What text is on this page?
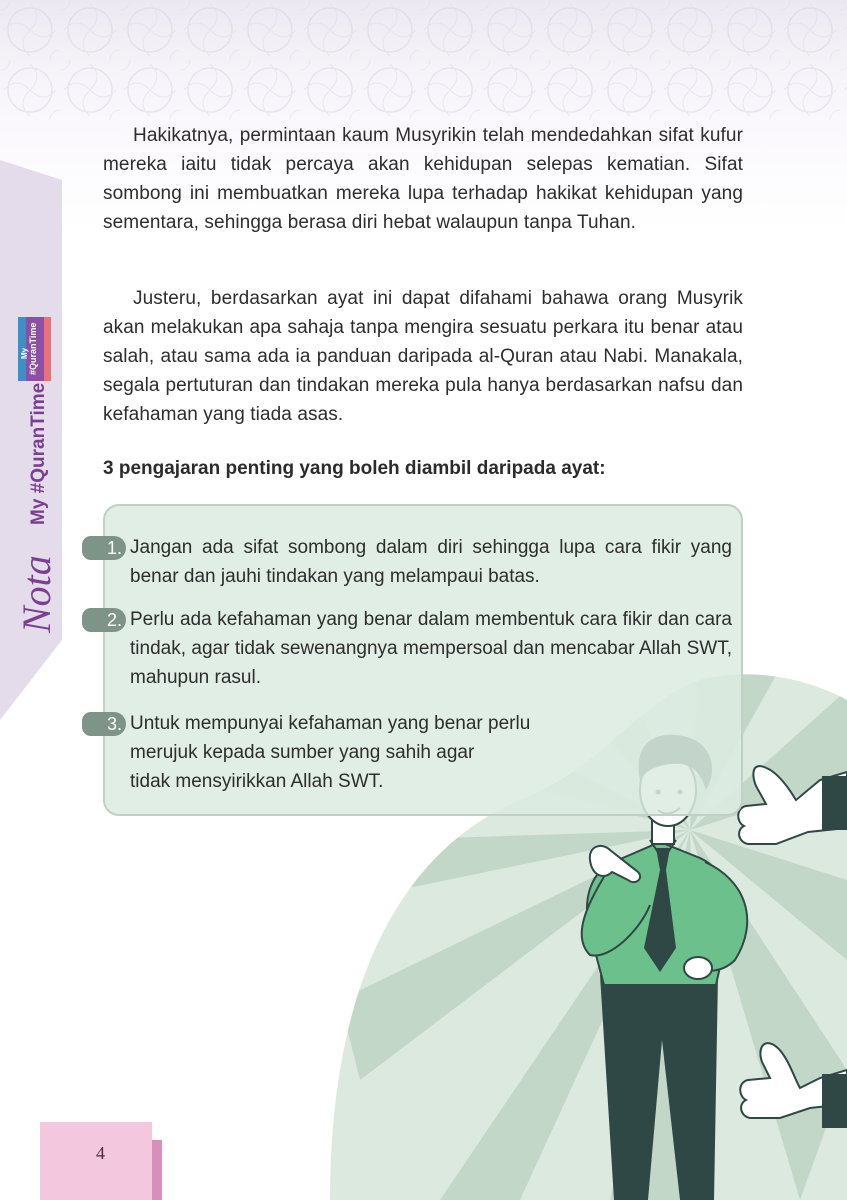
#QuranTime
My
My #QuranTime
Nota

Hakikatnya, permintaan kaum Musyrikin telah mendedahkan sifat kufur mereka iaitu tidak percaya akan kehidupan selepas kematian. Sifat sombong ini membuatkan mereka lupa terhadap hakikat kehidupan yang sementara, sehingga berasa diri hebat walaupun tanpa Tuhan.

Justeru, berdasarkan ayat ini dapat difahami bahawa orang Musyrik akan melakukan apa sahaja tanpa mengira sesuatu perkara itu benar atau salah, atau sama ada ia panduan daripada al-Quran atau Nabi. Manakala, segala pertuturan dan tindakan mereka pula hanya berdasarkan nafsu dan kefahaman yang tiada asas.

3 pengajaran penting yang boleh diambil daripada ayat:
1. Jangan ada sifat sombong dalam diri sehingga lupa cara fikir yang benar dan jauhi tindakan yang melampaui batas.

2. Perlu ada kefahaman yang benar dalam membentuk cara fikir dan cara tindak, agar tidak sewenangnya mempersoal dan mencabar Allah SWT, mahupun rasul.

3. Untuk mempunyai kefahaman yang benar perlu
merujuk kepada sumber yang sahih agar
tidak mensyirikkan Allah SWT.

4
